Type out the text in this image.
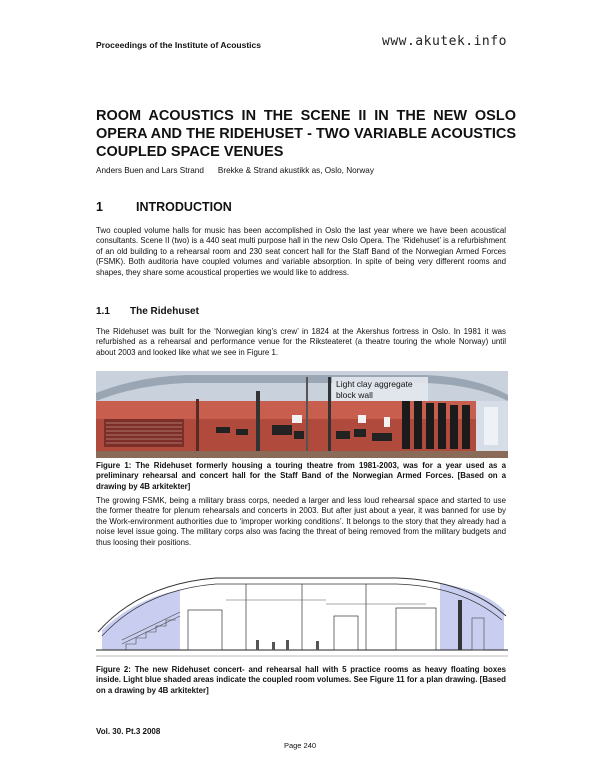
Proceedings of the Institute of Acoustics	www.akutek.info
ROOM ACOUSTICS IN THE SCENE II IN THE NEW OSLO OPERA AND THE RIDEHUSET - TWO VARIABLE ACOUSTICS COUPLED SPACE VENUES
Anders Buen and Lars Strand Brekke & Strand akustikk as, Oslo, Norway
1	INTRODUCTION
Two coupled volume halls for music has been accomplished in Oslo the last year where we have been acoustical consultants. Scene II (two) is a 440 seat multi purpose hall in the new Oslo Opera. The ‘Ridehuset’ is a refurbishment of an old building to a rehearsal room and 230 seat concert hall for the Staff Band of the Norwegian Armed Forces (FSMK). Both auditoria have coupled volumes and variable absorption. In spite of being very different rooms and shapes, they share some acoustical properties we would like to address.
1.1 The Ridehuset
The Ridehuset was built for the ‘Norwegian king’s crew’ in 1824 at the Akershus fortress in Oslo. In 1981 it was refurbished as a rehearsal and performance venue for the Riksteateret (a theatre touring the whole Norway) until about 2003 and looked like what we see in Figure 1.
Light clay aggregate block wall
Figure 1: The Ridehuset formerly housing a touring theatre from 1981-2003, was for a year used as a preliminary rehearsal and concert hall for the Staff Band of the Norwegian Armed Forces. [Based on a drawing by 4B arkitekter]
The growing FSMK, being a military brass corps, needed a larger and less loud rehearsal space and started to use the former theatre for plenum rehearsals and concerts in 2003. But after just about a year, it was banned for use by the Work-environment authorities due to ‘improper working conditions’. It belongs to the story that they already had a noise level issue going. The military corps also was facing the threat of being removed from the military budgets and thus loosing their positions.
Figure 2: The new Ridehuset concert- and rehearsal hall with 5 practice rooms as heavy floating boxes inside. Light blue shaded areas indicate the coupled room volumes. See Figure 11 for a plan drawing. [Based on a drawing by 4B arkitekter]
Vol. 30. Pt.3 2008
Page 240
